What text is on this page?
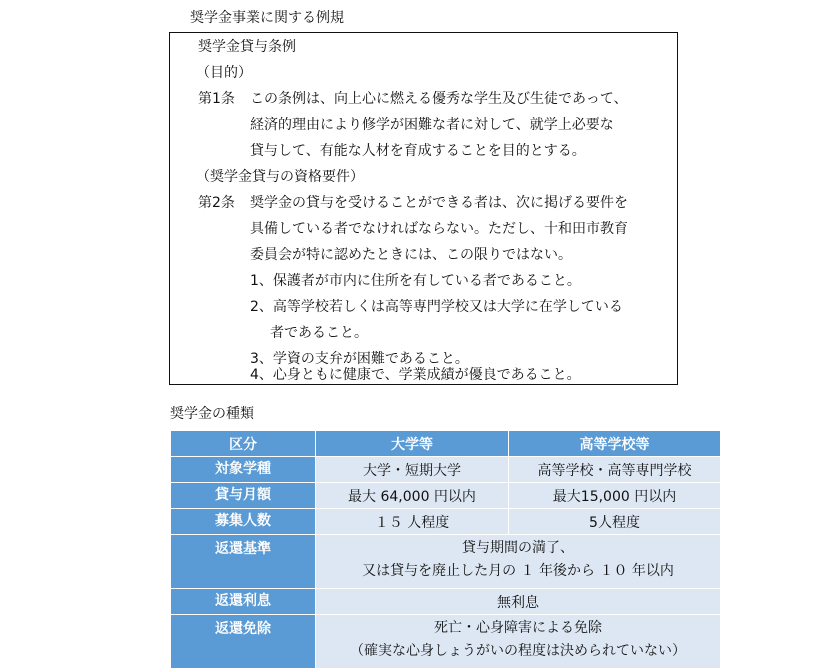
奨学金事業に関する例規
奨学金貸与条例
（目的）
第1条 この条例は、向上心に燃える優秀な学生及び生徒であって、
経済的理由により修学が困難な者に対して、就学上必要な
貸与して、有能な人材を育成することを目的とする。
（奨学金貸与の資格要件）
第2条 奨学金の貸与を受けることができる者は、次に掲げる要件を
具備している者でなければならない。ただし、十和田市教育
委員会が特に認めたときには、この限りではない。
1、保護者が市内に住所を有している者であること。
2、高等学校若しくは高等専門学校又は大学に在学している
者であること。
3、学資の支弁が困難であること。
4、心身ともに健康で、学業成績が優良であること。
奨学金の種類
区分	大学等	高等学校等
対象学種	大学・短期大学	高等学校・高等専門学校
貸与月額	最大 64,000 円以内	最大15,000 円以内
募集人数	１５ 人程度	5人程度
返還基準	貸与期間の満了、
又は貸与を廃止した月の １ 年後から １０ 年以内	

返還利息	無利息	
返還免除	死亡・心身障害による免除
（確実な心身しょうがいの程度は決められていない）	
